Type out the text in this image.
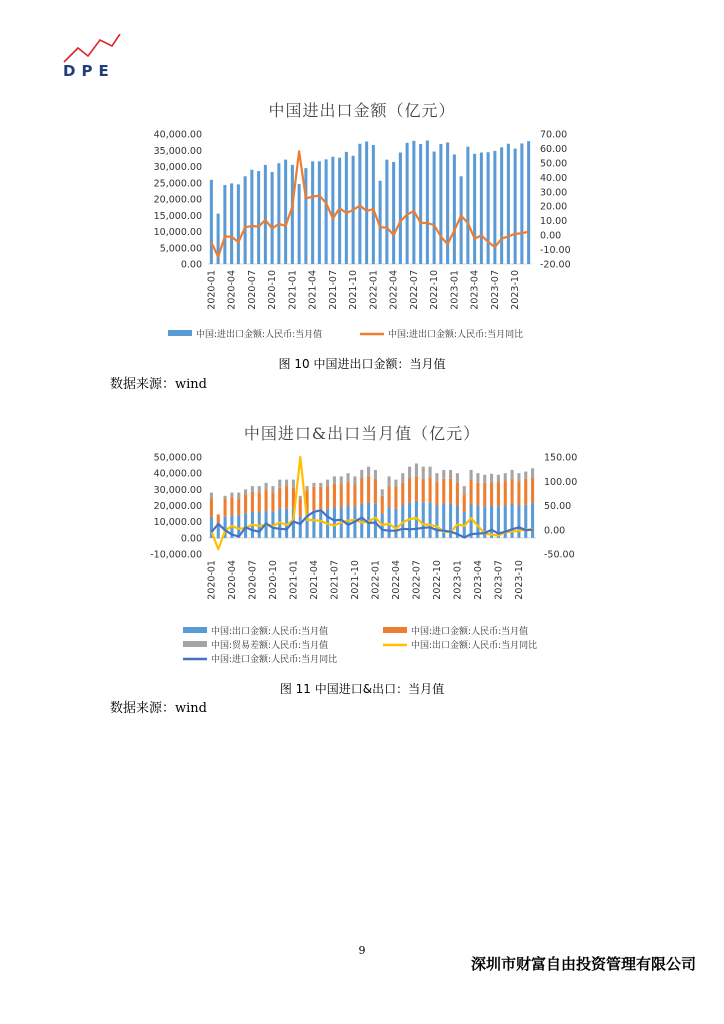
DPE
中国进出口金额（亿元）
40,000.00
35,000.00
30,000.00
25,000.00
20,000.00
15,000.00
10,000.00
5,000.00
0.00
70.00
60.00
50.00
40.00
30.00
20.00
10.00
0.00
-10.00
-20.00
2020-01 2020-04 2020-07 2020-10 2021-01 2021-04 2021-07 2021-10 2022-01 2022-04 2022-07 2022-10 2023-01 2023-04 2023-07 2023-10
中国:进出口金额:人民币:当月值	中国:进出口金额:人民币:当月同比
图 10 中国进出口金额：当月值
数据来源：wind
中国进口&出口当月值（亿元）
50,000.00
40,000.00
30,000.00
20,000.00
10,000.00
0.00
-10,000.00
150.00
100.00
50.00
0.00
-50.00
2020-01 2020-04 2020-07 2020-10 2021-01 2021-04 2021-07 2021-10 2022-01 2022-04 2022-07 2022-10 2023-01 2023-04 2023-07 2023-10
中国:出口金额:人民币:当月值	中国:进口金额:人民币:当月值
中国:贸易差额:人民币:当月值	中国:出口金额:人民币:当月同比
中国:进口金额:人民币:当月同比
图 11 中国进口&出口：当月值
数据来源：wind
9
深圳市财富自由投资管理有限公司
